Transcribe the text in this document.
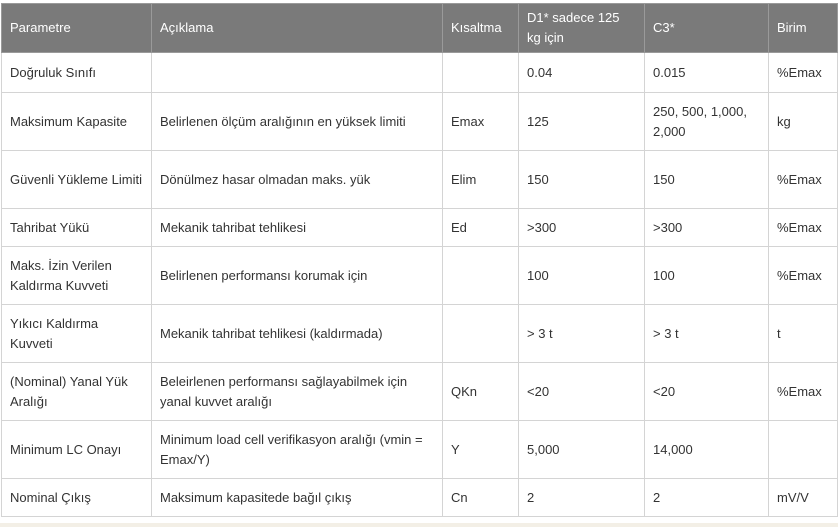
Parametre	Açıklama	Kısaltma	D1* sadece 125 kg için	C3*	Birim
Doğruluk Sınıfı			0.04	0.015	%Emax
Maksimum Kapasite	Belirlenen ölçüm aralığının en yüksek limiti	Emax	125	250, 500, 1,000, 2,000	kg
Güvenli Yükleme Limiti	Dönülmez hasar olmadan maks. yük	Elim	150	150	%Emax
Tahribat Yükü	Mekanik tahribat tehlikesi	Ed	>300	>300	%Emax
Maks. İzin Verilen Kaldırma Kuvveti	Belirlenen performansı korumak için		100	100	%Emax
Yıkıcı Kaldırma Kuvveti	Mekanik tahribat tehlikesi (kaldırmada)		> 3 t	> 3 t	t
(Nominal) Yanal Yük Aralığı	Beleirlenen performansı sağlayabilmek için yanal kuvvet aralığı	QKn	<20	<20	%Emax
Minimum LC Onayı	Minimum load cell verifikasyon aralığı (vmin = Emax/Y)	Y	5,000	14,000	
Nominal Çıkış	Maksimum kapasitede bağıl çıkış	Cn	2	2	mV/V
